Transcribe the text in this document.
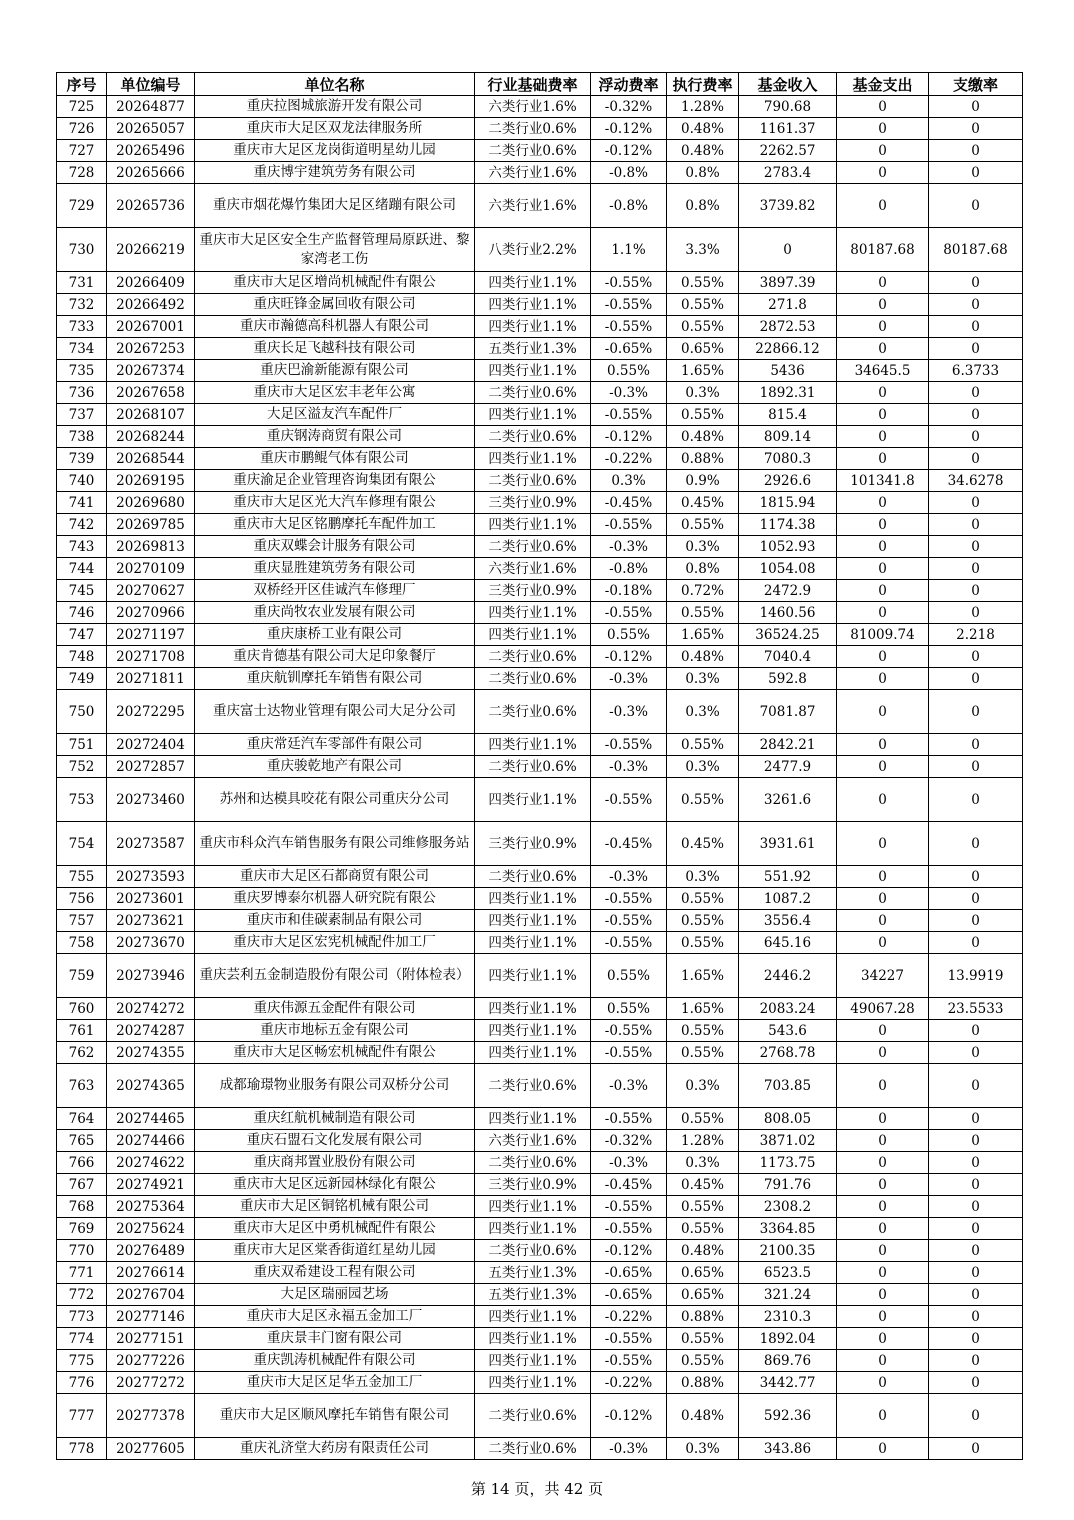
序号	单位编号	单位名称	行业基础费率	浮动费率	执行费率	基金收入	基金支出	支缴率
725	20264877	重庆拉图城旅游开发有限公司	六类行业1.6%	-0.32%	1.28%	790.68	0	0
726	20265057	重庆市大足区双龙法律服务所	二类行业0.6%	-0.12%	0.48%	1161.37	0	0
727	20265496	重庆市大足区龙岗街道明星幼儿园	二类行业0.6%	-0.12%	0.48%	2262.57	0	0
728	20265666	重庆博宇建筑劳务有限公司	六类行业1.6%	-0.8%	0.8%	2783.4	0	0
729	20265736	重庆市烟花爆竹集团大足区绪蹦有限公司	六类行业1.6%	-0.8%	0.8%	3739.82	0	0
730	20266219	重庆市大足区安全生产监督管理局原跃进、黎家湾老工伤	八类行业2.2%	1.1%	3.3%	0	80187.68	80187.68
731	20266409	重庆市大足区增尚机械配件有限公	四类行业1.1%	-0.55%	0.55%	3897.39	0	0
732	20266492	重庆旺锋金属回收有限公司	四类行业1.1%	-0.55%	0.55%	271.8	0	0
733	20267001	重庆市瀚德高科机器人有限公司	四类行业1.1%	-0.55%	0.55%	2872.53	0	0
734	20267253	重庆长足飞越科技有限公司	五类行业1.3%	-0.65%	0.65%	22866.12	0	0
735	20267374	重庆巴渝新能源有限公司	四类行业1.1%	0.55%	1.65%	5436	34645.5	6.3733
736	20267658	重庆市大足区宏丰老年公寓	二类行业0.6%	-0.3%	0.3%	1892.31	0	0
737	20268107	大足区溢友汽车配件厂	四类行业1.1%	-0.55%	0.55%	815.4	0	0
738	20268244	重庆钢涛商贸有限公司	二类行业0.6%	-0.12%	0.48%	809.14	0	0
739	20268544	重庆市鹏鲲气体有限公司	四类行业1.1%	-0.22%	0.88%	7080.3	0	0
740	20269195	重庆渝足企业管理咨询集团有限公	二类行业0.6%	0.3%	0.9%	2926.6	101341.8	34.6278
741	20269680	重庆市大足区光大汽车修理有限公	三类行业0.9%	-0.45%	0.45%	1815.94	0	0
742	20269785	重庆市大足区铭鹏摩托车配件加工	四类行业1.1%	-0.55%	0.55%	1174.38	0	0
743	20269813	重庆双蝶会计服务有限公司	二类行业0.6%	-0.3%	0.3%	1052.93	0	0
744	20270109	重庆显胜建筑劳务有限公司	六类行业1.6%	-0.8%	0.8%	1054.08	0	0
745	20270627	双桥经开区佳诚汽车修理厂	三类行业0.9%	-0.18%	0.72%	2472.9	0	0
746	20270966	重庆尚牧农业发展有限公司	四类行业1.1%	-0.55%	0.55%	1460.56	0	0
747	20271197	重庆康桥工业有限公司	四类行业1.1%	0.55%	1.65%	36524.25	81009.74	2.218
748	20271708	重庆肯德基有限公司大足印象餐厅	二类行业0.6%	-0.12%	0.48%	7040.4	0	0
749	20271811	重庆航钏摩托车销售有限公司	二类行业0.6%	-0.3%	0.3%	592.8	0	0
750	20272295	重庆富士达物业管理有限公司大足分公司	二类行业0.6%	-0.3%	0.3%	7081.87	0	0
751	20272404	重庆常廷汽车零部件有限公司	四类行业1.1%	-0.55%	0.55%	2842.21	0	0
752	20272857	重庆骏乾地产有限公司	二类行业0.6%	-0.3%	0.3%	2477.9	0	0
753	20273460	苏州和达模具咬花有限公司重庆分公司	四类行业1.1%	-0.55%	0.55%	3261.6	0	0
754	20273587	重庆市科众汽车销售服务有限公司维修服务站	三类行业0.9%	-0.45%	0.45%	3931.61	0	0
755	20273593	重庆市大足区石都商贸有限公司	二类行业0.6%	-0.3%	0.3%	551.92	0	0
756	20273601	重庆罗博泰尔机器人研究院有限公	四类行业1.1%	-0.55%	0.55%	1087.2	0	0
757	20273621	重庆市和佳碳素制品有限公司	四类行业1.1%	-0.55%	0.55%	3556.4	0	0
758	20273670	重庆市大足区宏宪机械配件加工厂	四类行业1.1%	-0.55%	0.55%	645.16	0	0
759	20273946	重庆芸利五金制造股份有限公司（附体检表）	四类行业1.1%	0.55%	1.65%	2446.2	34227	13.9919
760	20274272	重庆伟源五金配件有限公司	四类行业1.1%	0.55%	1.65%	2083.24	49067.28	23.5533
761	20274287	重庆市地标五金有限公司	四类行业1.1%	-0.55%	0.55%	543.6	0	0
762	20274355	重庆市大足区畅宏机械配件有限公	四类行业1.1%	-0.55%	0.55%	2768.78	0	0
763	20274365	成都瑜璟物业服务有限公司双桥分公司	二类行业0.6%	-0.3%	0.3%	703.85	0	0
764	20274465	重庆红航机械制造有限公司	四类行业1.1%	-0.55%	0.55%	808.05	0	0
765	20274466	重庆石盟石文化发展有限公司	六类行业1.6%	-0.32%	1.28%	3871.02	0	0
766	20274622	重庆商邦置业股份有限公司	二类行业0.6%	-0.3%	0.3%	1173.75	0	0
767	20274921	重庆市大足区远新园林绿化有限公	三类行业0.9%	-0.45%	0.45%	791.76	0	0
768	20275364	重庆市大足区铜铭机械有限公司	四类行业1.1%	-0.55%	0.55%	2308.2	0	0
769	20275624	重庆市大足区中勇机械配件有限公	四类行业1.1%	-0.55%	0.55%	3364.85	0	0
770	20276489	重庆市大足区棠香街道红星幼儿园	二类行业0.6%	-0.12%	0.48%	2100.35	0	0
771	20276614	重庆双希建设工程有限公司	五类行业1.3%	-0.65%	0.65%	6523.5	0	0
772	20276704	大足区瑞丽园艺场	五类行业1.3%	-0.65%	0.65%	321.24	0	0
773	20277146	重庆市大足区永福五金加工厂	四类行业1.1%	-0.22%	0.88%	2310.3	0	0
774	20277151	重庆景丰门窗有限公司	四类行业1.1%	-0.55%	0.55%	1892.04	0	0
775	20277226	重庆凯涛机械配件有限公司	四类行业1.1%	-0.55%	0.55%	869.76	0	0
776	20277272	重庆市大足区足华五金加工厂	四类行业1.1%	-0.22%	0.88%	3442.77	0	0
777	20277378	重庆市大足区顺风摩托车销售有限公司	二类行业0.6%	-0.12%	0.48%	592.36	0	0
778	20277605	重庆礼济堂大药房有限责任公司	二类行业0.6%	-0.3%	0.3%	343.86	0	0
第 14 页，共 42 页
